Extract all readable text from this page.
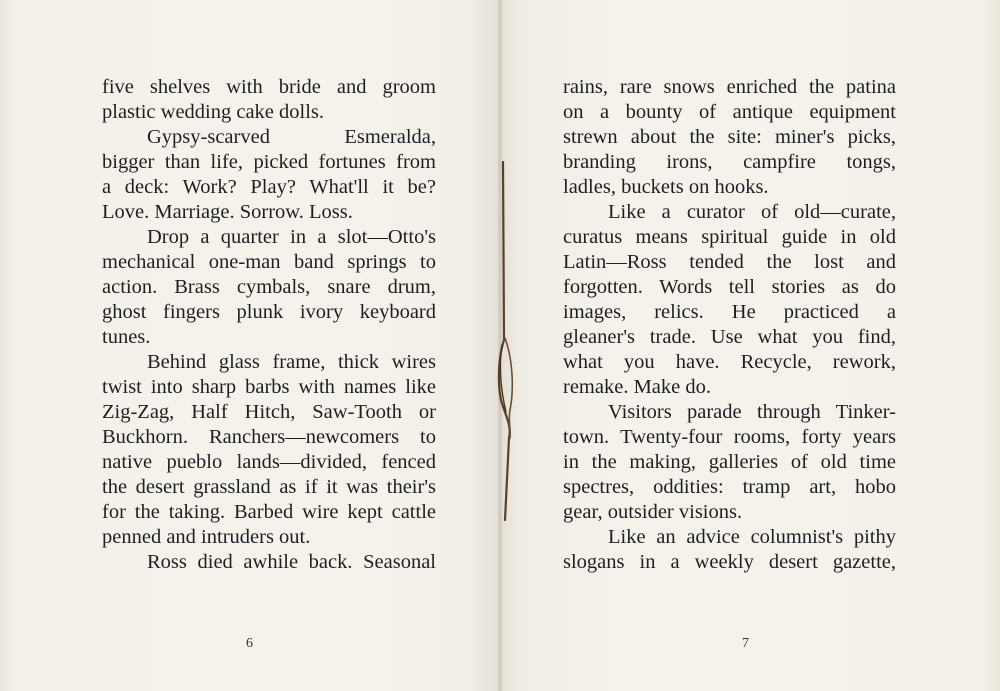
five shelves with bride and groom
plastic wedding cake dolls.
Gypsy-scarved Esmeralda,
bigger than life, picked fortunes from
a deck: Work? Play? What'll it be?
Love. Marriage. Sorrow. Loss.
Drop a quarter in a slot—Otto's
mechanical one-man band springs to
action. Brass cymbals, snare drum,
ghost fingers plunk ivory keyboard
tunes.
Behind glass frame, thick wires
twist into sharp barbs with names like
Zig-Zag, Half Hitch, Saw-Tooth or
Buckhorn. Ranchers—newcomers to
native pueblo lands—divided, fenced
the desert grassland as if it was their's
for the taking. Barbed wire kept cattle
penned and intruders out.
Ross died awhile back. Seasonal
6
rains, rare snows enriched the patina
on a bounty of antique equipment
strewn about the site: miner's picks,
branding irons, campfire tongs,
ladles, buckets on hooks.
Like a curator of old—curate,
curatus means spiritual guide in old
Latin—Ross tended the lost and
forgotten. Words tell stories as do
images, relics. He practiced a
gleaner's trade. Use what you find,
what you have. Recycle, rework,
remake. Make do.
Visitors parade through Tinker-
town. Twenty-four rooms, forty years
in the making, galleries of old time
spectres, oddities: tramp art, hobo
gear, outsider visions.
Like an advice columnist's pithy
slogans in a weekly desert gazette,
7
